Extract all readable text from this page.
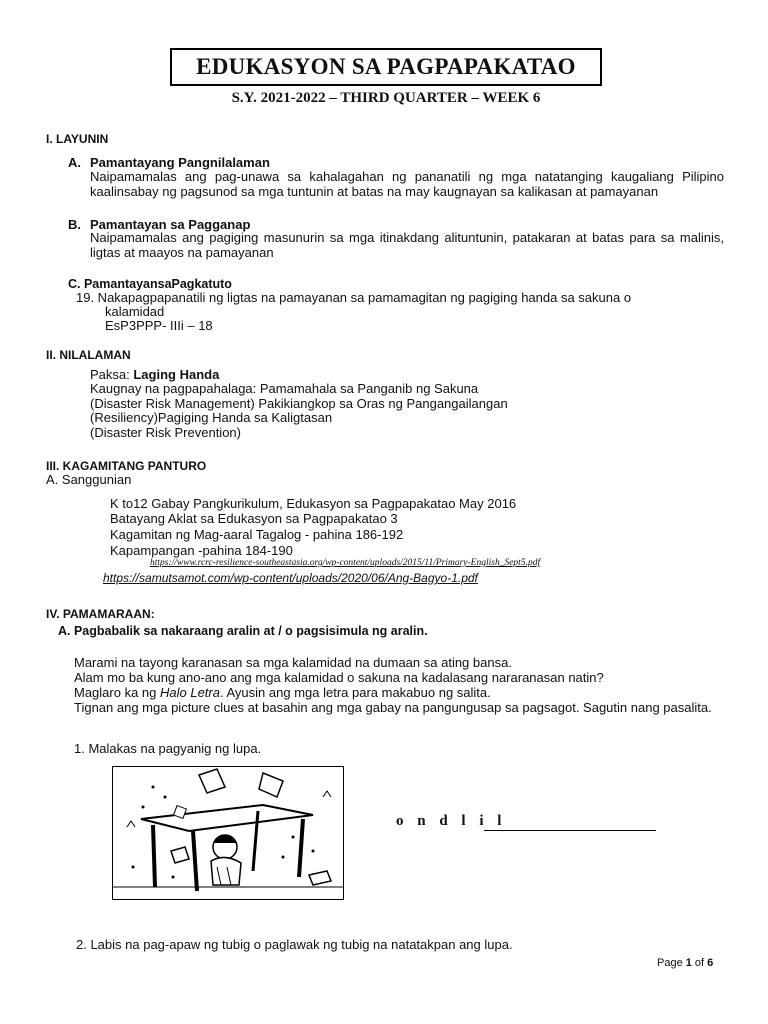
EDUKASYON SA PAGPAPAKATAO
S.Y. 2021-2022 – THIRD QUARTER – WEEK 6
I. LAYUNIN
A. Pamantayang Pangnilalaman
Naipamamalas ang pag-unawa sa kahalagahan ng pananatili ng mga natatanging kaugaliang Pilipino kaalinsabay ng pagsunod sa mga tuntunin at batas na may kaugnayan sa kalikasan at pamayanan
B. Pamantayan sa Pagganap
Naipamamalas ang pagiging masunurin sa mga itinakdang alituntunin, patakaran at batas para sa malinis, ligtas at maayos na pamayanan
C. PamantayansaPagkatuto
19. Nakapagpapanatili ng ligtas na pamayanan sa pamamagitan ng pagiging handa sa sakuna o
kalamidad
EsP3PPP- IIIi – 18
II. NILALAMAN
Paksa: Laging Handa
Kaugnay na pagpapahalaga: Pamamahala sa Panganib ng Sakuna
(Disaster Risk Management) Pakikiangkop sa Oras ng Pangangailangan
(Resiliency)Pagiging Handa sa Kaligtasan
(Disaster Risk Prevention)
III. KAGAMITANG PANTURO
A. Sanggunian
K to12 Gabay Pangkurikulum, Edukasyon sa Pagpapakatao May 2016
Batayang Aklat sa Edukasyon sa Pagpapakatao 3
Kagamitan ng Mag-aaral Tagalog - pahina 186-192
Kapampangan -pahina 184-190
https://www.rcrc-resilience-southeastasia.org/wp-content/uploads/2015/11/Primary-English_Sept5.pdf
https://samutsamot.com/wp-content/uploads/2020/06/Ang-Bagyo-1.pdf
IV. PAMAMARAAN:
A. Pagbabalik sa nakaraang aralin at / o pagsisimula ng aralin.
Marami na tayong karanasan sa mga kalamidad na dumaan sa ating bansa.
Alam mo ba kung ano-ano ang mga kalamidad o sakuna na kadalasang nararanasan natin?
Maglaro ka ng Halo Letra. Ayusin ang mga letra para makabuo ng salita.
Tignan ang mga picture clues at basahin ang mga gabay na pangungusap sa pagsagot. Sagutin nang pasalita.
1. Malakas na pagyanig ng lupa.
o n d l i l
2. Labis na pag-apaw ng tubig o paglawak ng tubig na natatakpan ang lupa.
Page 1 of 6
